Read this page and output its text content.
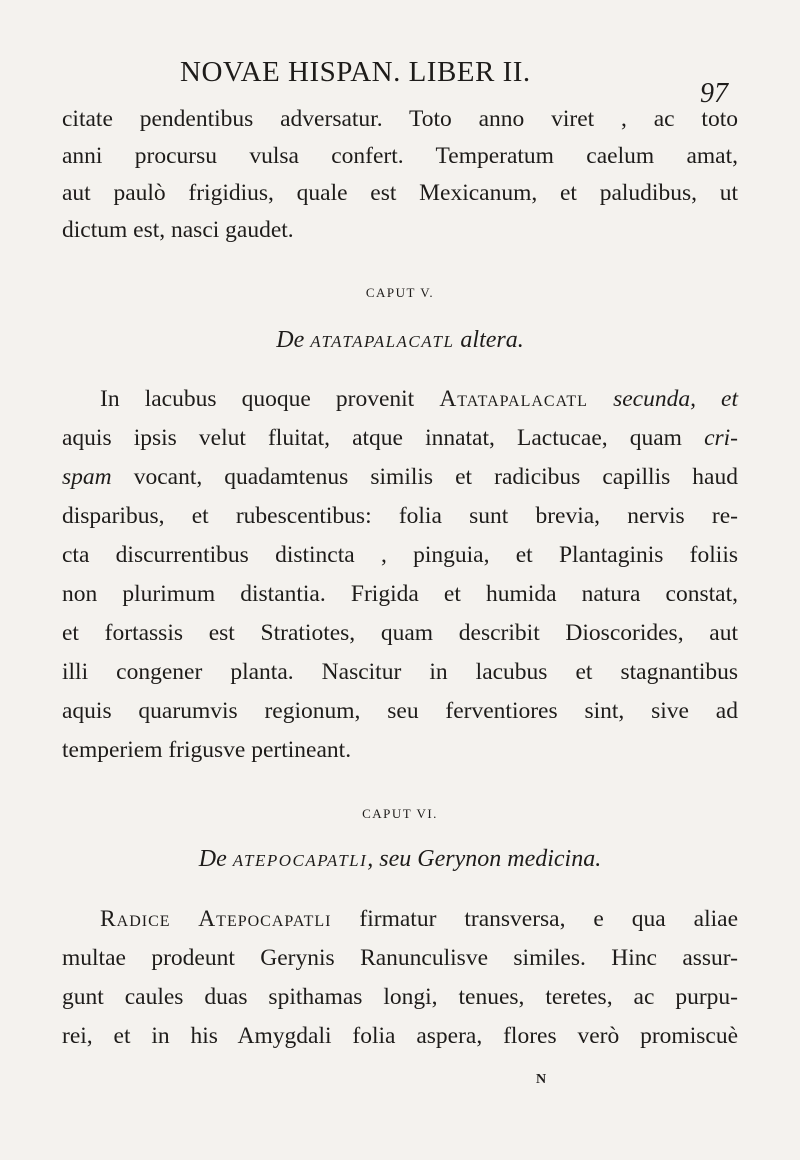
NOVAE HISPAN. LIBER II.
97
citate pendentibus adversatur. Toto anno viret , ac toto
anni procursu vulsa confert. Temperatum caelum amat,
aut paulò frigidius, quale est Mexicanum, et paludibus, ut
dictum est, nasci gaudet.
CAPUT V.
De ATATAPALACATL altera.
In lacubus quoque provenit Atatapalacatl secunda, et
aquis ipsis velut fluitat, atque innatat, Lactucae, quam cri-
spam vocant, quadamtenus similis et radicibus capillis haud
disparibus, et rubescentibus: folia sunt brevia, nervis re-
cta discurrentibus distincta , pinguia, et Plantaginis foliis
non plurimum distantia. Frigida et humida natura constat,
et fortassis est Stratiotes, quam describit Dioscorides, aut
illi congener planta. Nascitur in lacubus et stagnantibus
aquis quarumvis regionum, seu ferventiores sint, sive ad
temperiem frigusve pertineant.
CAPUT VI.
De ATEPOCAPATLI, seu Gerynon medicina.
Radice Atepocapatli firmatur transversa, e qua aliae
multae prodeunt Gerynis Ranunculisve similes. Hinc assur-
gunt caules duas spithamas longi, tenues, teretes, ac purpu-
rei, et in his Amygdali folia aspera, flores verò promiscuè
N
